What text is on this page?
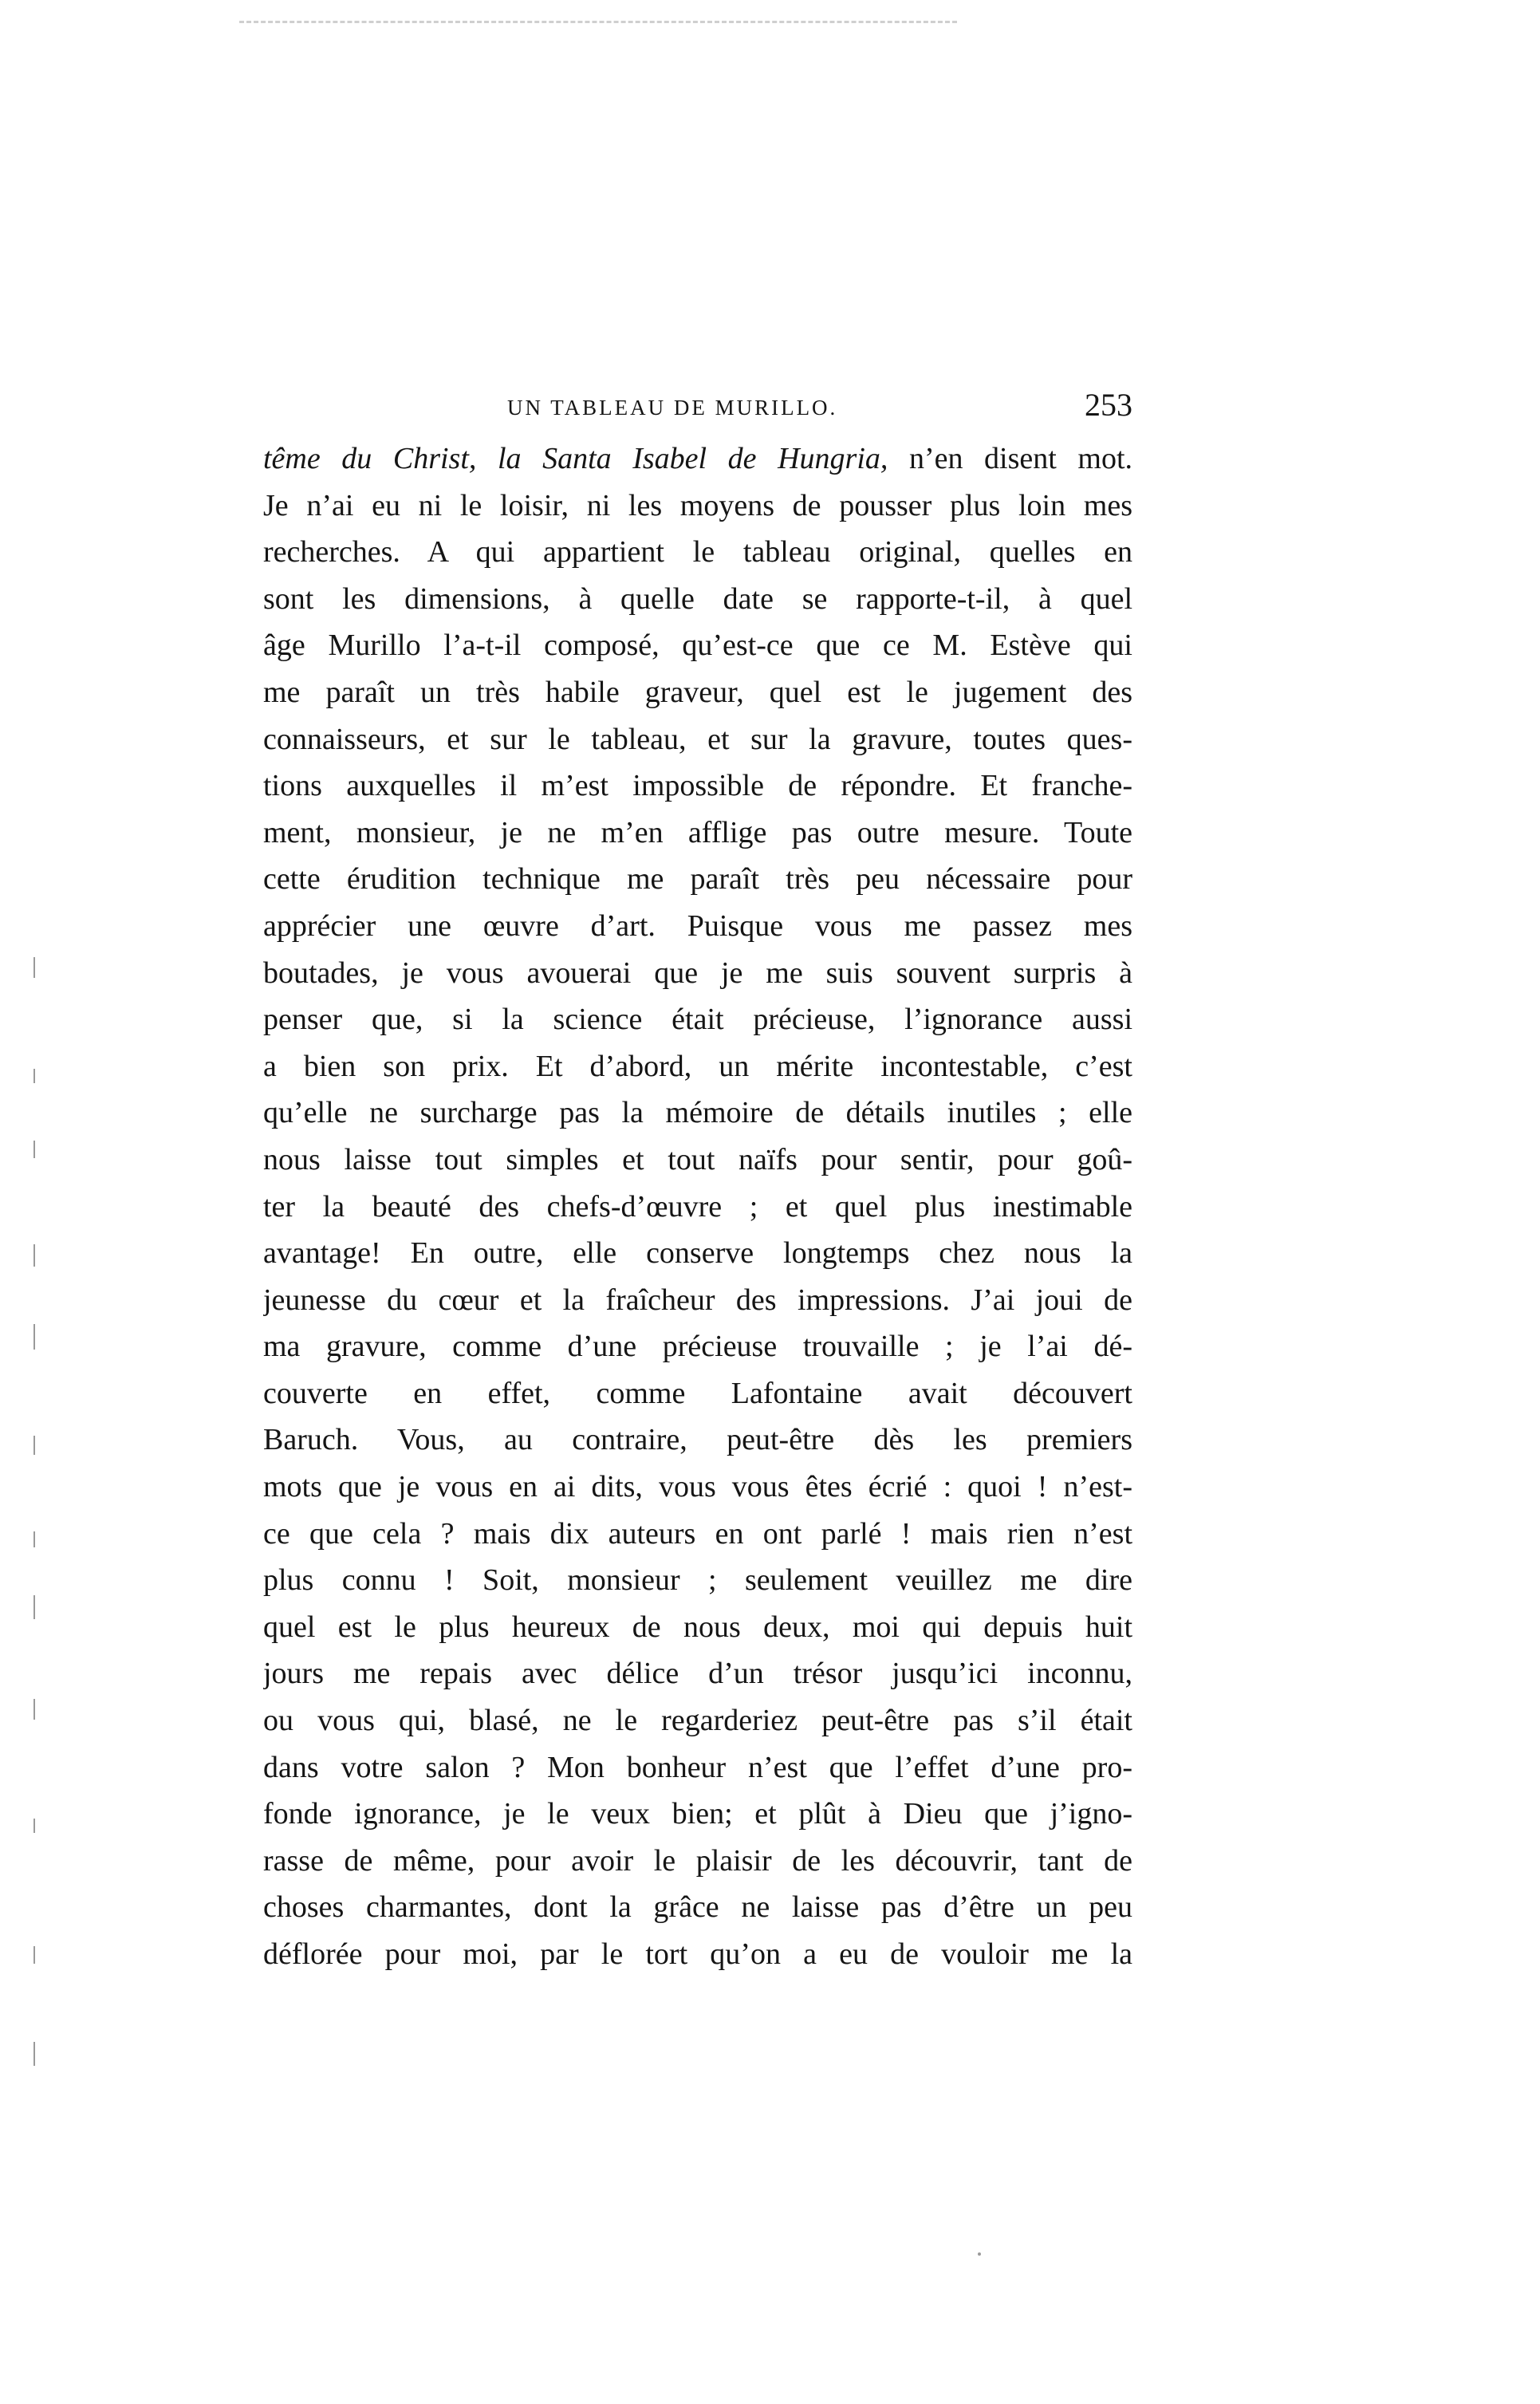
UN TABLEAU DE MURILLO.	253
tême du Christ, la Santa Isabel de Hungria, n’en disent mot.
Je n’ai eu ni le loisir, ni les moyens de pousser plus loin mes
recherches. A qui appartient le tableau original, quelles en
sont les dimensions, à quelle date se rapporte-t-il, à quel
âge Murillo l’a-t-il composé, qu’est-ce que ce M. Estève qui
me paraît un très habile graveur, quel est le jugement des
connaisseurs, et sur le tableau, et sur la gravure, toutes ques-
tions auxquelles il m’est impossible de répondre. Et franche-
ment, monsieur, je ne m’en afflige pas outre mesure. Toute
cette érudition technique me paraît très peu nécessaire pour
apprécier une œuvre d’art. Puisque vous me passez mes
boutades, je vous avouerai que je me suis souvent surpris à
penser que, si la science était précieuse, l’ignorance aussi
a bien son prix. Et d’abord, un mérite incontestable, c’est
qu’elle ne surcharge pas la mémoire de détails inutiles ; elle
nous laisse tout simples et tout naïfs pour sentir, pour goû-
ter la beauté des chefs-d’œuvre ; et quel plus inestimable
avantage! En outre, elle conserve longtemps chez nous la
jeunesse du cœur et la fraîcheur des impressions. J’ai joui de
ma gravure, comme d’une précieuse trouvaille ; je l’ai dé-
couverte en effet, comme Lafontaine avait découvert
Baruch. Vous, au contraire, peut-être dès les premiers
mots que je vous en ai dits, vous vous êtes écrié : quoi ! n’est-
ce que cela ? mais dix auteurs en ont parlé ! mais rien n’est
plus connu ! Soit, monsieur ; seulement veuillez me dire
quel est le plus heureux de nous deux, moi qui depuis huit
jours me repais avec délice d’un trésor jusqu’ici inconnu,
ou vous qui, blasé, ne le regarderiez peut-être pas s’il était
dans votre salon ? Mon bonheur n’est que l’effet d’une pro-
fonde ignorance, je le veux bien; et plût à Dieu que j’igno-
rasse de même, pour avoir le plaisir de les découvrir, tant de
choses charmantes, dont la grâce ne laisse pas d’être un peu
déflorée pour moi, par le tort qu’on a eu de vouloir me la
